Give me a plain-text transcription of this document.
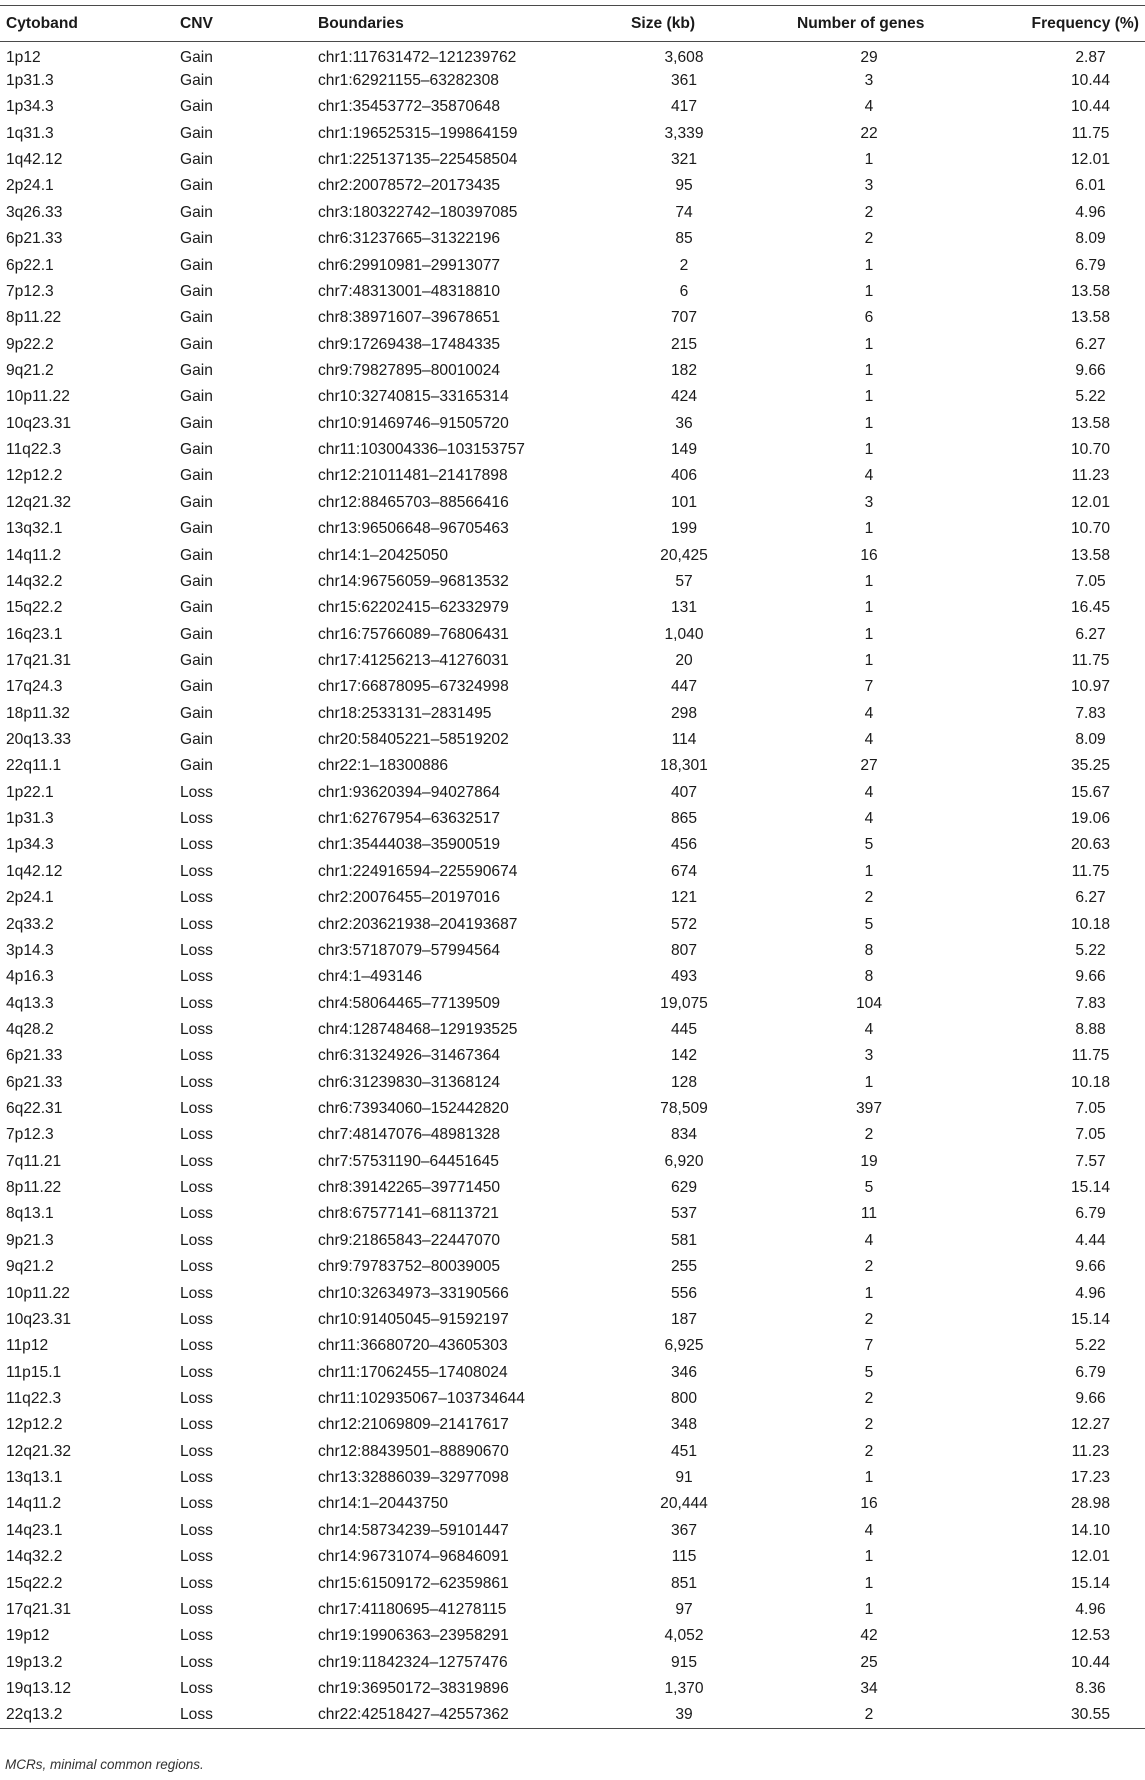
Cytoband	CNV	Boundaries	Size (kb)	Number of genes	Frequency (%)
1p12	Gain	chr1:117631472–121239762	3,608	29	2.87
1p31.3	Gain	chr1:62921155–63282308	361	3	10.44
1p34.3	Gain	chr1:35453772–35870648	417	4	10.44
1q31.3	Gain	chr1:196525315–199864159	3,339	22	11.75
1q42.12	Gain	chr1:225137135–225458504	321	1	12.01
2p24.1	Gain	chr2:20078572–20173435	95	3	6.01
3q26.33	Gain	chr3:180322742–180397085	74	2	4.96
6p21.33	Gain	chr6:31237665–31322196	85	2	8.09
6p22.1	Gain	chr6:29910981–29913077	2	1	6.79
7p12.3	Gain	chr7:48313001–48318810	6	1	13.58
8p11.22	Gain	chr8:38971607–39678651	707	6	13.58
9p22.2	Gain	chr9:17269438–17484335	215	1	6.27
9q21.2	Gain	chr9:79827895–80010024	182	1	9.66
10p11.22	Gain	chr10:32740815–33165314	424	1	5.22
10q23.31	Gain	chr10:91469746–91505720	36	1	13.58
11q22.3	Gain	chr11:103004336–103153757	149	1	10.70
12p12.2	Gain	chr12:21011481–21417898	406	4	11.23
12q21.32	Gain	chr12:88465703–88566416	101	3	12.01
13q32.1	Gain	chr13:96506648–96705463	199	1	10.70
14q11.2	Gain	chr14:1–20425050	20,425	16	13.58
14q32.2	Gain	chr14:96756059–96813532	57	1	7.05
15q22.2	Gain	chr15:62202415–62332979	131	1	16.45
16q23.1	Gain	chr16:75766089–76806431	1,040	1	6.27
17q21.31	Gain	chr17:41256213–41276031	20	1	11.75
17q24.3	Gain	chr17:66878095–67324998	447	7	10.97
18p11.32	Gain	chr18:2533131–2831495	298	4	7.83
20q13.33	Gain	chr20:58405221–58519202	114	4	8.09
22q11.1	Gain	chr22:1–18300886	18,301	27	35.25
1p22.1	Loss	chr1:93620394–94027864	407	4	15.67
1p31.3	Loss	chr1:62767954–63632517	865	4	19.06
1p34.3	Loss	chr1:35444038–35900519	456	5	20.63
1q42.12	Loss	chr1:224916594–225590674	674	1	11.75
2p24.1	Loss	chr2:20076455–20197016	121	2	6.27
2q33.2	Loss	chr2:203621938–204193687	572	5	10.18
3p14.3	Loss	chr3:57187079–57994564	807	8	5.22
4p16.3	Loss	chr4:1–493146	493	8	9.66
4q13.3	Loss	chr4:58064465–77139509	19,075	104	7.83
4q28.2	Loss	chr4:128748468–129193525	445	4	8.88
6p21.33	Loss	chr6:31324926–31467364	142	3	11.75
6p21.33	Loss	chr6:31239830–31368124	128	1	10.18
6q22.31	Loss	chr6:73934060–152442820	78,509	397	7.05
7p12.3	Loss	chr7:48147076–48981328	834	2	7.05
7q11.21	Loss	chr7:57531190–64451645	6,920	19	7.57
8p11.22	Loss	chr8:39142265–39771450	629	5	15.14
8q13.1	Loss	chr8:67577141–68113721	537	11	6.79
9p21.3	Loss	chr9:21865843–22447070	581	4	4.44
9q21.2	Loss	chr9:79783752–80039005	255	2	9.66
10p11.22	Loss	chr10:32634973–33190566	556	1	4.96
10q23.31	Loss	chr10:91405045–91592197	187	2	15.14
11p12	Loss	chr11:36680720–43605303	6,925	7	5.22
11p15.1	Loss	chr11:17062455–17408024	346	5	6.79
11q22.3	Loss	chr11:102935067–103734644	800	2	9.66
12p12.2	Loss	chr12:21069809–21417617	348	2	12.27
12q21.32	Loss	chr12:88439501–88890670	451	2	11.23
13q13.1	Loss	chr13:32886039–32977098	91	1	17.23
14q11.2	Loss	chr14:1–20443750	20,444	16	28.98
14q23.1	Loss	chr14:58734239–59101447	367	4	14.10
14q32.2	Loss	chr14:96731074–96846091	115	1	12.01
15q22.2	Loss	chr15:61509172–62359861	851	1	15.14
17q21.31	Loss	chr17:41180695–41278115	97	1	4.96
19p12	Loss	chr19:19906363–23958291	4,052	42	12.53
19p13.2	Loss	chr19:11842324–12757476	915	25	10.44
19q13.12	Loss	chr19:36950172–38319896	1,370	34	8.36
22q13.2	Loss	chr22:42518427–42557362	39	2	30.55
MCRs, minimal common regions.
